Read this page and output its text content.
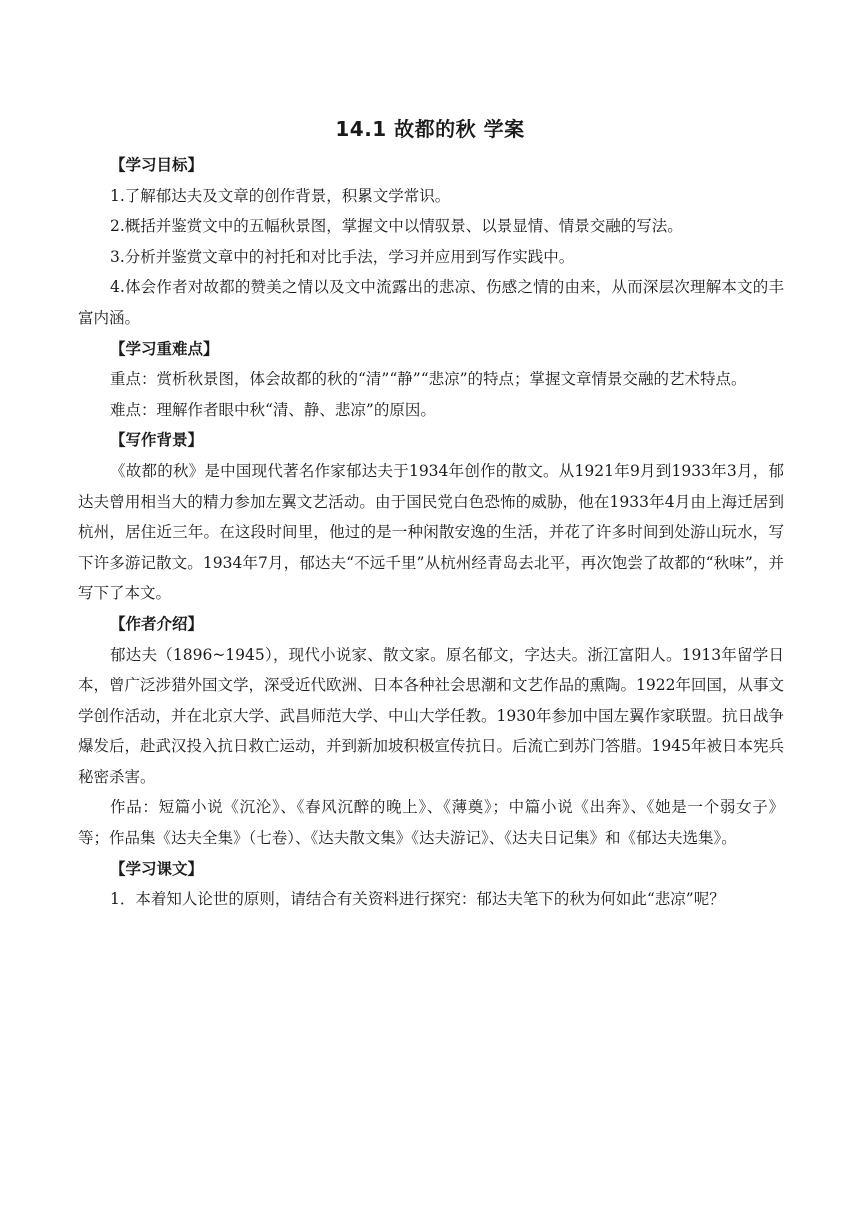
14.1 故都的秋 学案

【学习目标】

1.了解郁达夫及文章的创作背景，积累文学常识。

2.概括并鉴赏文中的五幅秋景图，掌握文中以情驭景、以景显情、情景交融的写法。

3.分析并鉴赏文章中的衬托和对比手法，学习并应用到写作实践中。

4.体会作者对故都的赞美之情以及文中流露出的悲凉、伤感之情的由来，从而深层次理解本文的丰富内涵。

【学习重难点】

重点：赏析秋景图，体会故都的秋的“清”“静”“悲凉”的特点；掌握文章情景交融的艺术特点。

难点：理解作者眼中秋“清、静、悲凉”的原因。

【写作背景】

《故都的秋》是中国现代著名作家郁达夫于1934年创作的散文。从1921年9月到1933年3月，郁达夫曾用相当大的精力参加左翼文艺活动。由于国民党白色恐怖的威胁，他在1933年4月由上海迁居到杭州，居住近三年。在这段时间里，他过的是一种闲散安逸的生活，并花了许多时间到处游山玩水，写下许多游记散文。1934年7月，郁达夫“不远千里”从杭州经青岛去北平，再次饱尝了故都的“秋味”，并写下了本文。

【作者介绍】

郁达夫（1896~1945），现代小说家、散文家。原名郁文，字达夫。浙江富阳人。1913年留学日本，曾广泛涉猎外国文学，深受近代欧洲、日本各种社会思潮和文艺作品的熏陶。1922年回国，从事文学创作活动，并在北京大学、武昌师范大学、中山大学任教。1930年参加中国左翼作家联盟。抗日战争爆发后，赴武汉投入抗日救亡运动，并到新加坡积极宣传抗日。后流亡到苏门答腊。1945年被日本宪兵秘密杀害。

作品：短篇小说《沉沦》、《春风沉醉的晚上》、《薄奠》；中篇小说《出奔》、《她是一个弱女子》等；作品集《达夫全集》（七卷）、《达夫散文集》《达夫游记》、《达夫日记集》和《郁达夫选集》。

【学习课文】

1．本着知人论世的原则，请结合有关资料进行探究：郁达夫笔下的秋为何如此“悲凉”呢？
